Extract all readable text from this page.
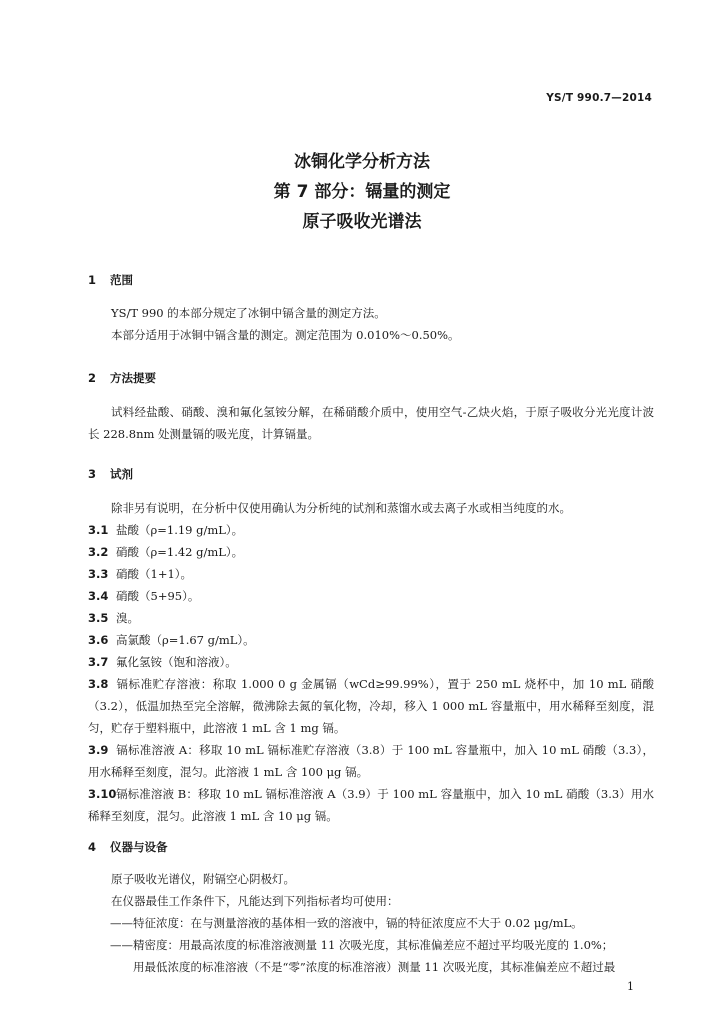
YS/T 990.7—2014
冰铜化学分析方法
第 7 部分：镉量的测定
原子吸收光谱法
1 范围
YS/T 990 的本部分规定了冰铜中镉含量的测定方法。
本部分适用于冰铜中镉含量的测定。测定范围为 0.010%～0.50%。
2 方法提要
试料经盐酸、硝酸、溴和氟化氢铵分解，在稀硝酸介质中，使用空气-乙炔火焰，于原子吸收分光光度计波长 228.8nm 处测量镉的吸光度，计算镉量。
3 试剂
除非另有说明，在分析中仅使用确认为分析纯的试剂和蒸馏水或去离子水或相当纯度的水。
3.1 盐酸（ρ=1.19 g/mL）。
3.2 硝酸（ρ=1.42 g/mL）。
3.3 硝酸（1+1）。
3.4 硝酸（5+95）。
3.5 溴。
3.6 高氯酸（ρ=1.67 g/mL）。
3.7 氟化氢铵（饱和溶液）。
3.8 镉标准贮存溶液：称取 1.000 0 g 金属镉（wCd≥99.99%），置于 250 mL 烧杯中，加 10 mL 硝酸（3.2），低温加热至完全溶解，微沸除去氮的氧化物，冷却，移入 1 000 mL 容量瓶中，用水稀释至刻度，混匀，贮存于塑料瓶中，此溶液 1 mL 含 1 mg 镉。
3.9 镉标准溶液 A：移取 10 mL 镉标准贮存溶液（3.8）于 100 mL 容量瓶中，加入 10 mL 硝酸（3.3），用水稀释至刻度，混匀。此溶液 1 mL 含 100 μg 镉。
3.10镉标准溶液 B：移取 10 mL 镉标准溶液 A（3.9）于 100 mL 容量瓶中，加入 10 mL 硝酸（3.3）用水稀释至刻度，混匀。此溶液 1 mL 含 10 μg 镉。
4 仪器与设备
原子吸收光谱仪，附镉空心阴极灯。
在仪器最佳工作条件下，凡能达到下列指标者均可使用：
——特征浓度：在与测量溶液的基体相一致的溶液中，镉的特征浓度应不大于 0.02 μg/mL。
——精密度：用最高浓度的标准溶液测量 11 次吸光度，其标准偏差应不超过平均吸光度的 1.0%；
用最低浓度的标准溶液（不是“零”浓度的标准溶液）测量 11 次吸光度，其标准偏差应不超过最
1
